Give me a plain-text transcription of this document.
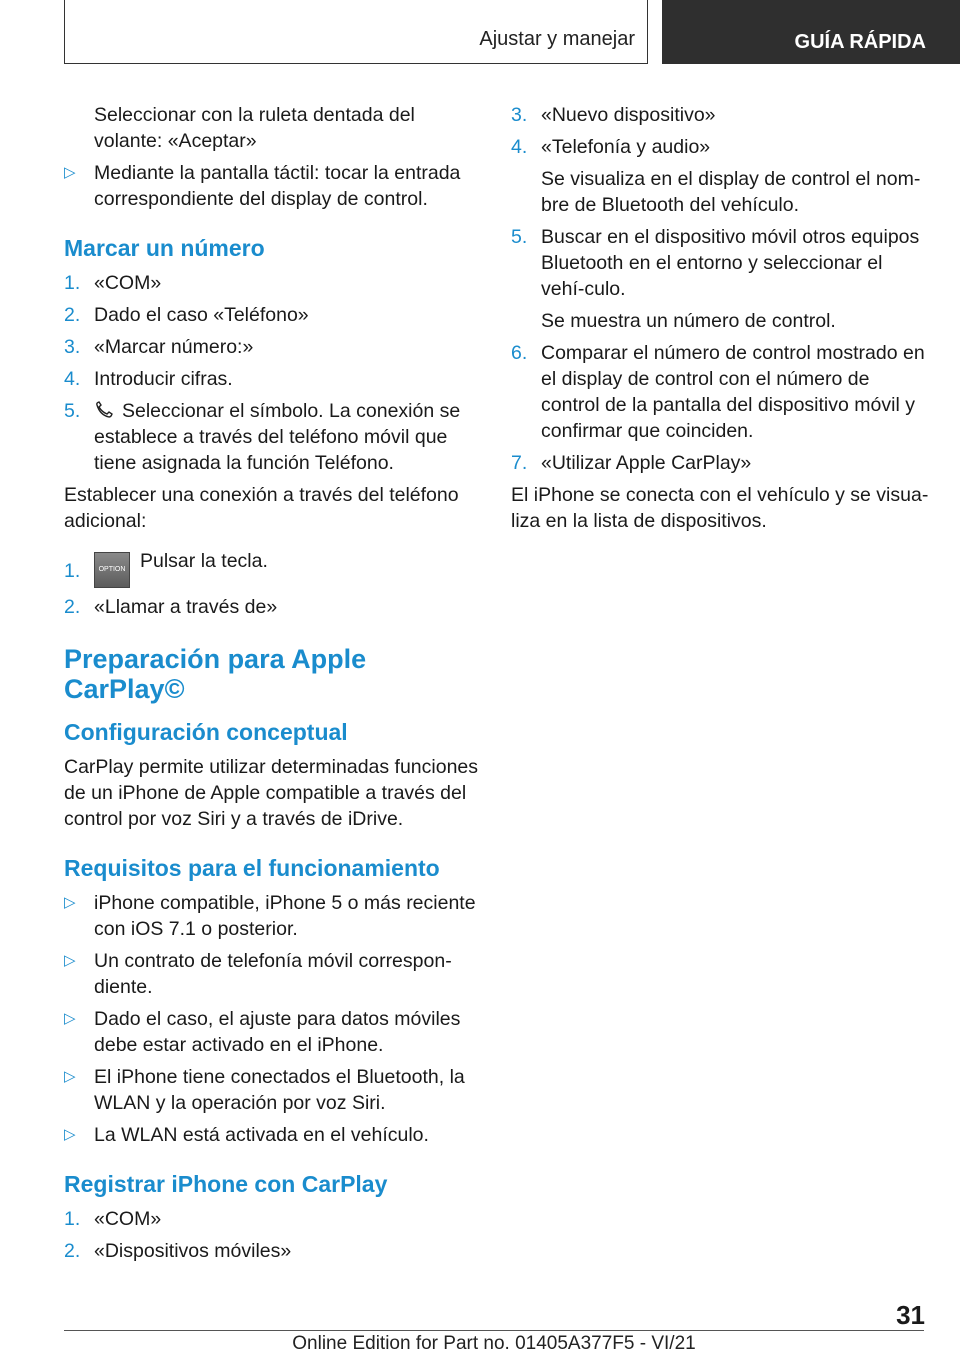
Ajustar y manejar	GUÍA RÁPIDA

Seleccionar con la ruleta dentada del volante: «Aceptar»

▷ Mediante la pantalla táctil: tocar la entrada correspondiente del display de control.
Marcar un número
1. «COM»
2. Dado el caso «Teléfono»
3. «Marcar número:»
4. Introducir cifras.
5. Seleccionar el símbolo. La conexión se establece a través del teléfono móvil que tiene asignada la función Teléfono.

Establecer una conexión a través del teléfono adicional:

1.	OPTION Pulsar la tecla.
2. «Llamar a través de»
Preparación para Apple CarPlay©
Configuración conceptual

CarPlay permite utilizar determinadas funciones de un iPhone de Apple compatible a través del control por voz Siri y a través de iDrive.

Requisitos para el funcionamiento
▷ iPhone compatible, iPhone 5 o más reciente con iOS 7.1 o posterior.
▷ Un contrato de telefonía móvil correspon-diente.
▷ Dado el caso, el ajuste para datos móviles debe estar activado en el iPhone.
▷ El iPhone tiene conectados el Bluetooth, la WLAN y la operación por voz Siri.
▷ La WLAN está activada en el vehículo.
Registrar iPhone con CarPlay
1. «COM»
2. «Dispositivos móviles»
3. «Nuevo dispositivo»
4. «Telefonía y audio»

Se visualiza en el display de control el nom-bre de Bluetooth del vehículo.

5. Buscar en el dispositivo móvil otros equipos Bluetooth en el entorno y seleccionar el vehí-culo.

Se muestra un número de control.

6. Comparar el número de control mostrado en el display de control con el número de control de la pantalla del dispositivo móvil y confirmar que coinciden.
7. «Utilizar Apple CarPlay»

El iPhone se conecta con el vehículo y se visua-liza en la lista de dispositivos.

31
Online Edition for Part no. 01405A377F5 - VI/21
